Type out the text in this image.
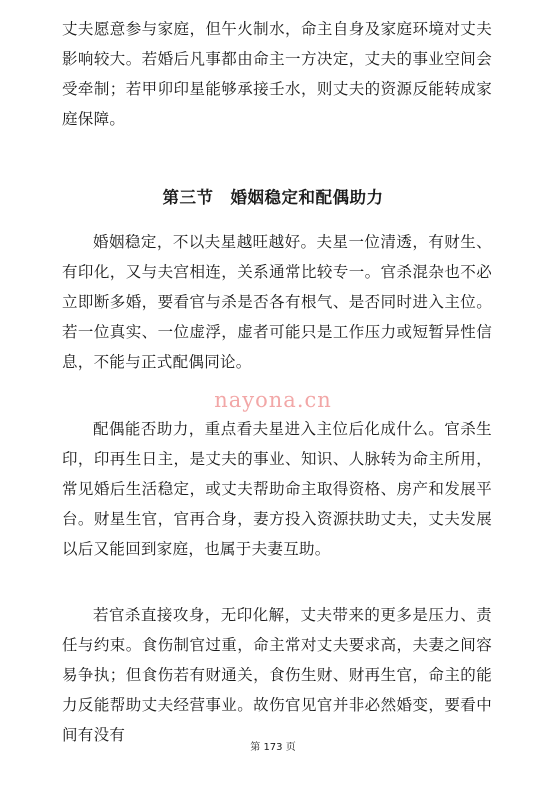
丈夫愿意参与家庭，但午火制水，命主自身及家庭环境对丈夫影响较大。若婚后凡事都由命主一方决定，丈夫的事业空间会受牵制；若甲卯印星能够承接壬水，则丈夫的资源反能转成家庭保障。

第三节　婚姻稳定和配偶助力

婚姻稳定，不以夫星越旺越好。夫星一位清透，有财生、有印化，又与夫宫相连，关系通常比较专一。官杀混杂也不必立即断多婚，要看官与杀是否各有根气、是否同时进入主位。若一位真实、一位虚浮，虚者可能只是工作压力或短暂异性信息，不能与正式配偶同论。

nayona.cn

配偶能否助力，重点看夫星进入主位后化成什么。官杀生印，印再生日主，是丈夫的事业、知识、人脉转为命主所用，常见婚后生活稳定，或丈夫帮助命主取得资格、房产和发展平台。财星生官，官再合身，妻方投入资源扶助丈夫，丈夫发展以后又能回到家庭，也属于夫妻互助。

若官杀直接攻身，无印化解，丈夫带来的更多是压力、责任与约束。食伤制官过重，命主常对丈夫要求高，夫妻之间容易争执；但食伤若有财通关，食伤生财、财再生官，命主的能力反能帮助丈夫经营事业。故伤官见官并非必然婚变，要看中间有没有

第 173 页
